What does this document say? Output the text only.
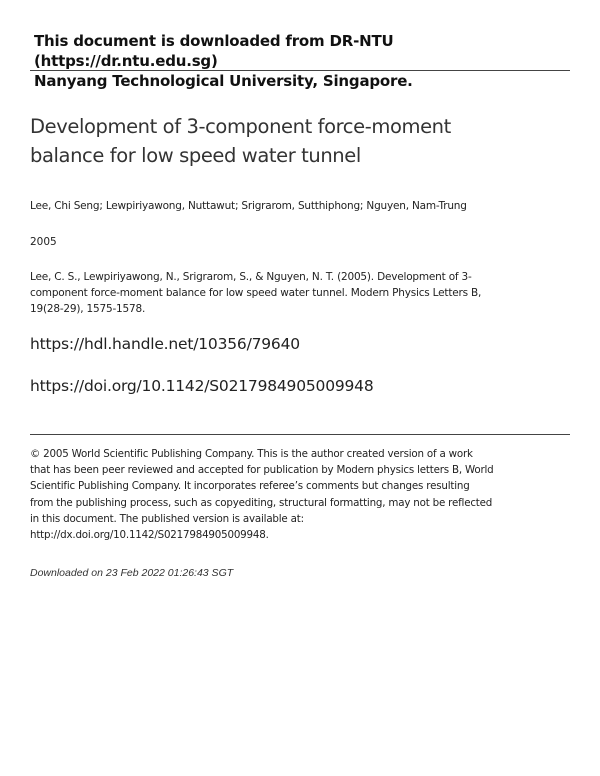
This document is downloaded from DR-NTU (https://dr.ntu.edu.sg)
Nanyang Technological University, Singapore.
Development of 3-component force-moment balance for low speed water tunnel
Lee, Chi Seng; Lewpiriyawong, Nuttawut; Srigrarom, Sutthiphong; Nguyen, Nam-Trung
2005
Lee, C. S., Lewpiriyawong, N., Srigrarom, S., & Nguyen, N. T. (2005). Development of 3-component force-moment balance for low speed water tunnel. Modern Physics Letters B, 19(28-29), 1575-1578.
https://hdl.handle.net/10356/79640
https://doi.org/10.1142/S0217984905009948
© 2005 World Scientific Publishing Company. This is the author created version of a work that has been peer reviewed and accepted for publication by Modern physics letters B, World Scientific Publishing Company. It incorporates referee’s comments but changes resulting from the publishing process, such as copyediting, structural formatting, may not be reflected in this document. The published version is available at: http://dx.doi.org/10.1142/S0217984905009948.
Downloaded on 23 Feb 2022 01:26:43 SGT
